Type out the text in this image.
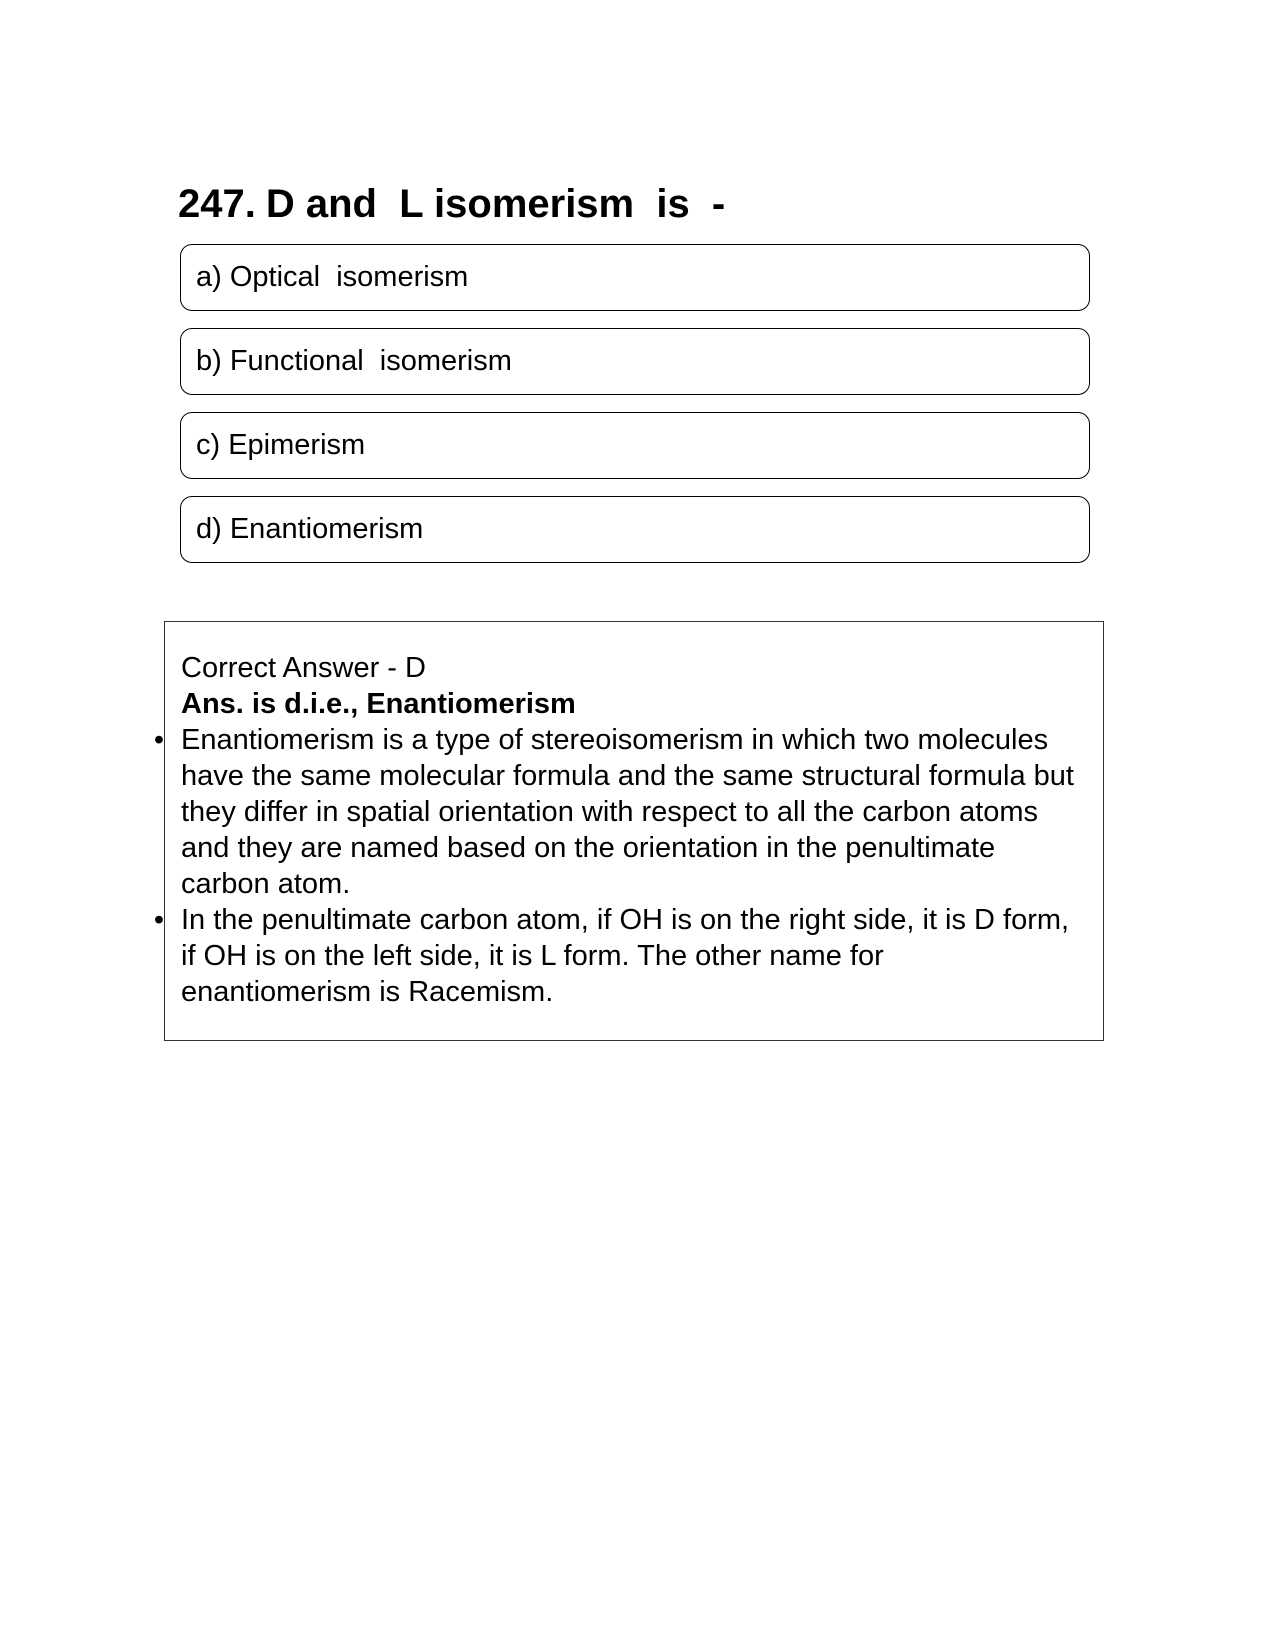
247. D and  L isomerism  is  -
a) Optical  isomerism
b) Functional  isomerism
c) Epimerism
d) Enantiomerism
Correct Answer - D
Ans. is d.i.e., Enantiomerism
• Enantiomerism is a type of stereoisomerism in which two molecules have the same molecular formula and the same structural formula but they differ in spatial orientation with respect to all the carbon atoms and they are named based on the orientation in the penultimate carbon atom.
• In the penultimate carbon atom, if OH is on the right side, it is D form, if OH is on the left side, it is L form. The other name for enantiomerism is Racemism.
